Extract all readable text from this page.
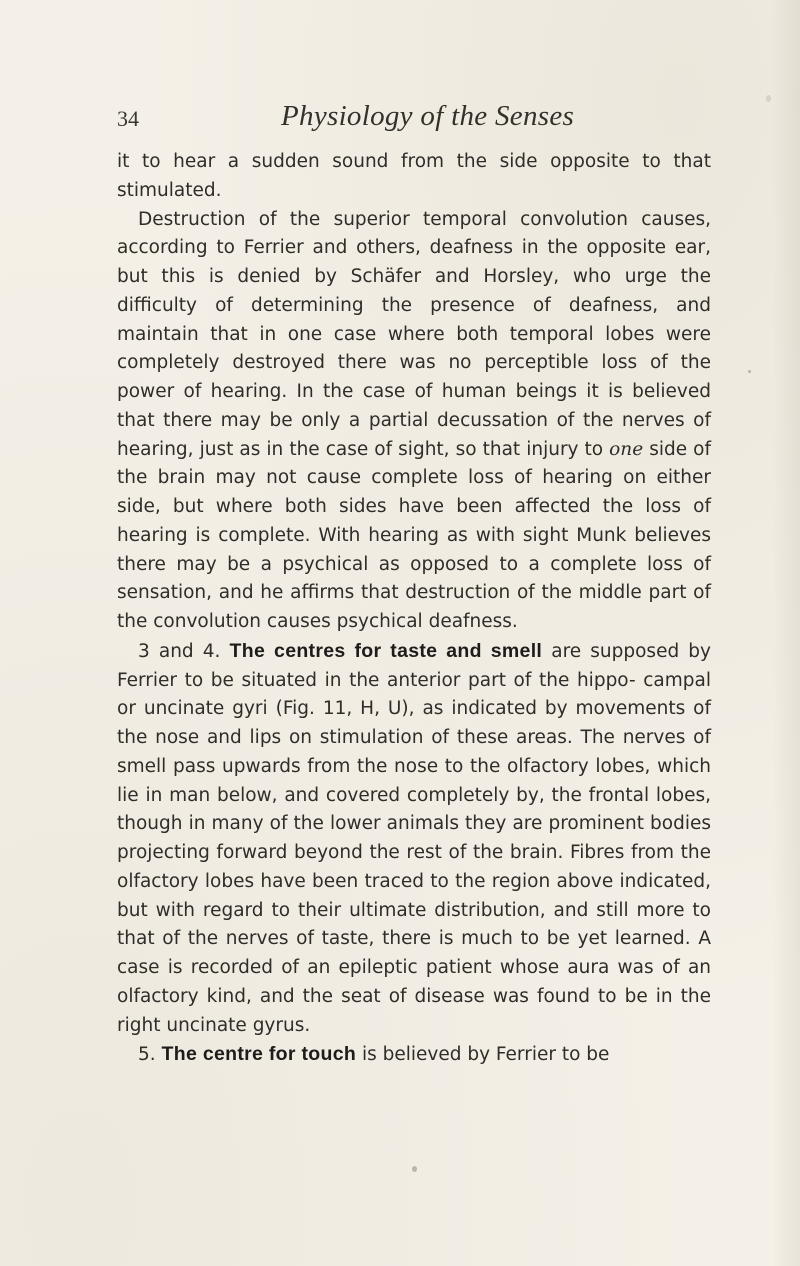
34	Physiology of the Senses

it to hear a sudden sound from the side opposite to that stimulated.

Destruction of the superior temporal convolution causes, according to Ferrier and others, deafness in the opposite ear, but this is denied by Schäfer and Horsley, who urge the difficulty of determining the presence of deafness, and maintain that in one case where both temporal lobes were completely destroyed there was no perceptible loss of the power of hearing. In the case of human beings it is believed that there may be only a partial decussation of the nerves of hearing, just as in the case of sight, so that injury to one side of the brain may not cause complete loss of hearing on either side, but where both sides have been affected the loss of hearing is complete. With hearing as with sight Munk believes there may be a psychical as opposed to a complete loss of sensation, and he affirms that destruction of the middle part of the convolution causes psychical deafness.

3 and 4. The centres for taste and smell are supposed by Ferrier to be situated in the anterior part of the hippo- campal or uncinate gyri (Fig. 11, H, U), as indicated by movements of the nose and lips on stimulation of these areas. The nerves of smell pass upwards from the nose to the olfactory lobes, which lie in man below, and covered completely by, the frontal lobes, though in many of the lower animals they are prominent bodies projecting forward beyond the rest of the brain. Fibres from the olfactory lobes have been traced to the region above indicated, but with regard to their ultimate distribution, and still more to that of the nerves of taste, there is much to be yet learned. A case is recorded of an epileptic patient whose aura was of an olfactory kind, and the seat of disease was found to be in the right uncinate gyrus.

5. The centre for touch is believed by Ferrier to be
